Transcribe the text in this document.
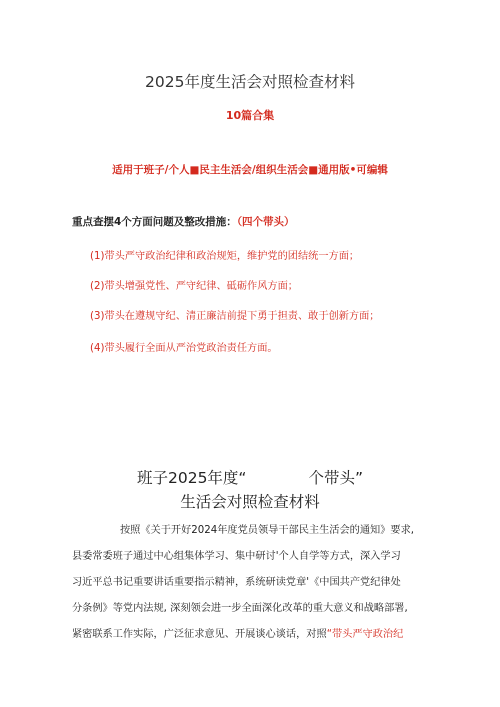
2025年度生活会对照检查材料
10篇合集
适用于班子/个人■民主生活会/组织生活会■通用版•可编辑
重点查摆4个方面问题及整改措施：（四个带头）
(1)带头严守政治纪律和政治规矩，维护党的团结统一方面；
(2)带头增强党性、严守纪律、砥砺作风方面；
(3)带头在遵规守纪、清正廉洁前提下勇于担责、敢于创新方面；
(4)带头履行全面从严治党政治责任方面。
班子2025年度“	个带头”
生活会对照检查材料
按照《关于开好2024年度党员领导干部民主生活会的通知》要求,
县委常委班子通过中心组集体学习、集中研讨'个人自学等方式，深入学习
习近平总书记重要讲话重要指示精神，系统研读党章'《中国共产党纪律处
分条例》等党内法规, 深刻领会进一步全面深化改革的重大意义和战略部署,
紧密联系工作实际，广泛征求意见、开展谈心谈话，对照“带头严守政治纪
